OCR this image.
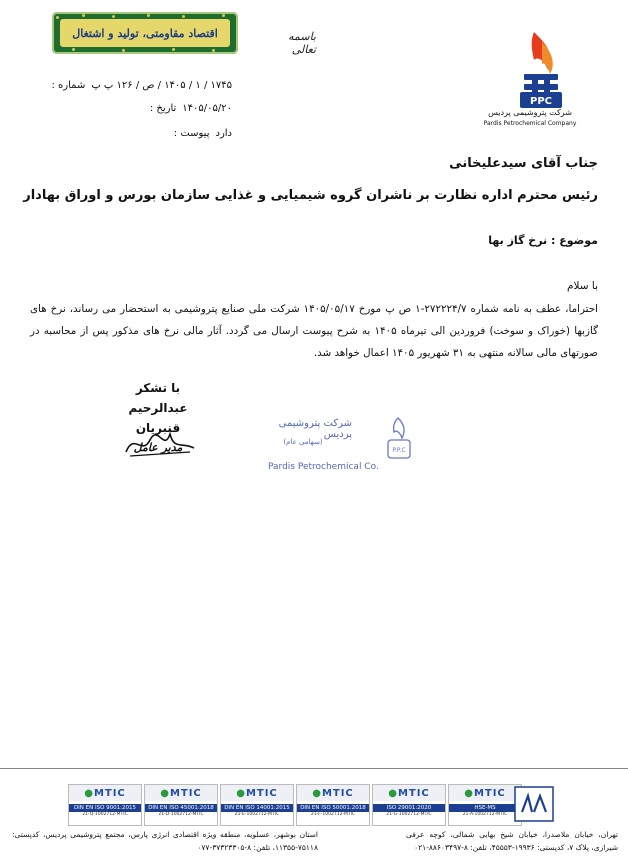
اقتصاد مقاومتی، تولید و اشتغال	باسمه تعالی
PPC
شرکت پتروشیمی پردیس
Pardis Petrochemical Company
شماره : ۱۷۴۵ / ۱ / ۱۴۰۵ / ص / ۱۲۶ پ پ
تاریخ : ۱۴۰۵/۰۵/۲۰
پیوست : دارد
جناب آقای سیدعلیخانی
رئیس محترم اداره نظارت بر ناشران گروه شیمیایی و غذایی سازمان بورس و اوراق بهادار
موضوع : نرخ گاز بها
با سلام
احتراما، عطف به نامه شماره ۲۷۲۲۲۴/۷-۱ ص پ مورخ ۱۴۰۵/۰۵/۱۷ شرکت ملی صنایع پتروشیمی به استحضار می رساند، نرخ های گازبها (خوراک و سوخت) فروردین الی تیرماه ۱۴۰۵ به شرح پیوست ارسال می گردد. آثار مالی نرخ های مذکور پس از محاسبه در صورتهای مالی سالانه منتهی به ۳۱ شهریور ۱۴۰۵ اعمال خواهد شد.
با تشکر
عبدالرحیم قنبریان
مدیر عامل	P.P.C
شرکت پتروشیمی پردیس
(سهامی عام)
Pardis Petrochemical Co.
● MTIC
HSE-MS
21-A-1002712-MTIC
● MTIC
ISO 29001:2020
21-G-1002712-MTIC
● MTIC
DIN EN ISO 50001:2018
21-F-1002712-MTIC
● MTIC
DIN EN ISO 14001:2015
21-E-1002712-MTIC
● MTIC
DIN EN ISO 45001:2018
21-D-1002712-MTIC
● MTIC
DIN EN ISO 9001:2015
21-Q-1002712-MTIC
تهران، خیابان ملاصدرا، خیابان شیخ بهایی شمالی، کوچه عرفی شیرازی، پلاک ۷، کدپستی: ۱۹۹۳۶-۴۵۵۵۳، تلفن: ۸-۸۸۶۰۳۴۹۷-۰۲۱
استان بوشهر، عسلویه، منطقه ویژه اقتصادی انرژی پارس، مجتمع پتروشیمی پردیس، کدپستی: ۷۵۱۱۸-۱۱۳۵۵، تلفن: ۸-۳۷۳۲۳۳۰۵-۰۷۷
